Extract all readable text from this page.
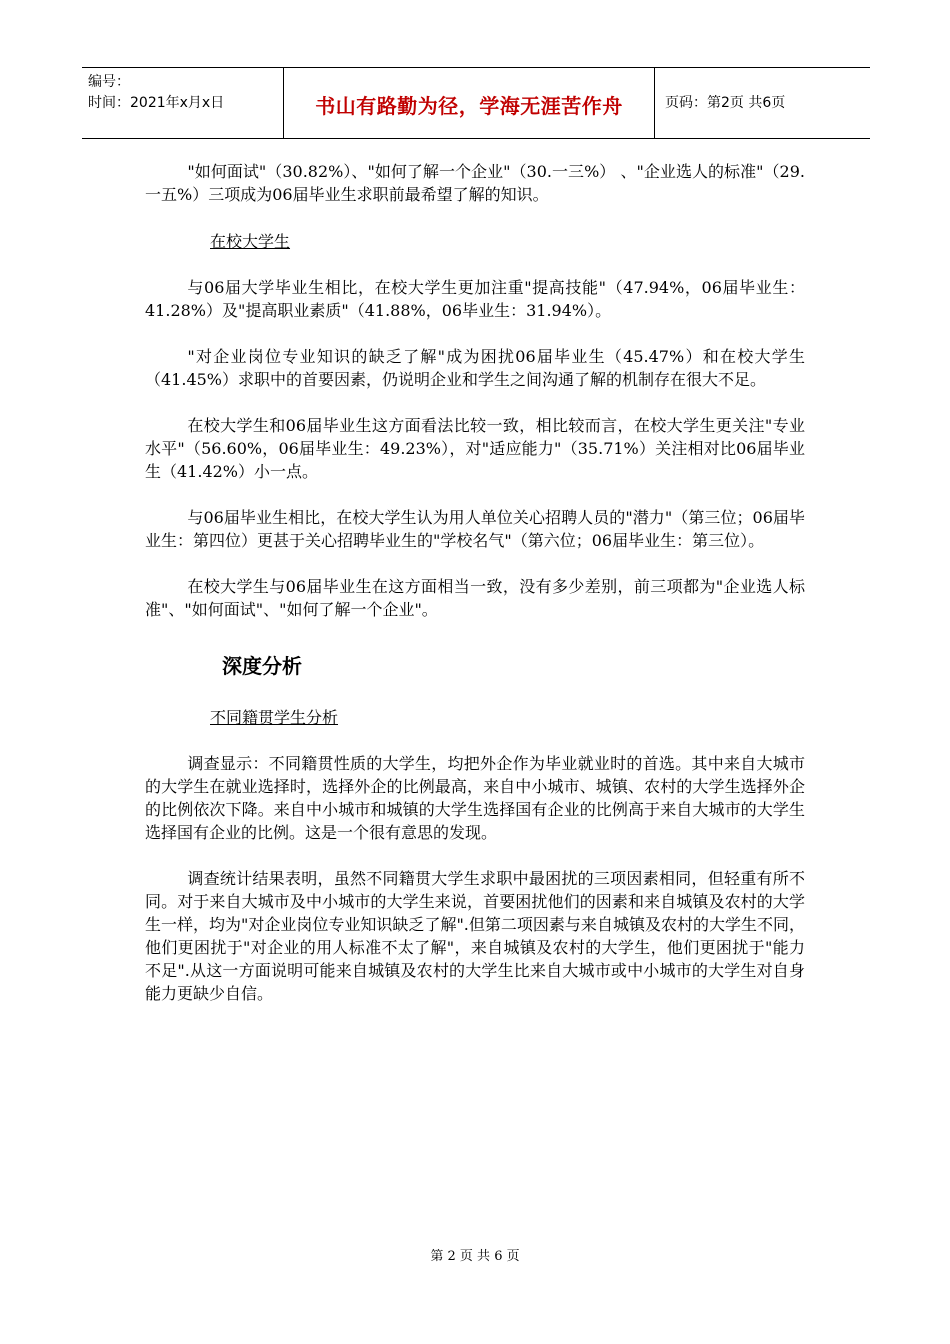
编号：
时间：2021年x月x日	书山有路勤为径，学海无涯苦作舟	页码：第2页 共6页

"如何面试"（30.82%）、"如何了解一个企业"（30.一三%） 、"企业选人的标准"（29.一五%）三项成为06届毕业生求职前最希望了解的知识。

在校大学生

与06届大学毕业生相比，在校大学生更加注重"提高技能"（47.94%，06届毕业生：41.28%）及"提高职业素质"（41.88%，06毕业生：31.94%）。

"对企业岗位专业知识的缺乏了解"成为困扰06届毕业生（45.47%）和在校大学生（41.45%）求职中的首要因素，仍说明企业和学生之间沟通了解的机制存在很大不足。

在校大学生和06届毕业生这方面看法比较一致，相比较而言，在校大学生更关注"专业水平"（56.60%，06届毕业生：49.23%），对"适应能力"（35.71%）关注相对比06届毕业生（41.42%）小一点。

与06届毕业生相比，在校大学生认为用人单位关心招聘人员的"潜力"（第三位；06届毕业生：第四位）更甚于关心招聘毕业生的"学校名气"（第六位；06届毕业生：第三位）。

在校大学生与06届毕业生在这方面相当一致，没有多少差别，前三项都为"企业选人标准"、"如何面试"、"如何了解一个企业"。

深度分析
不同籍贯学生分析

调查显示：不同籍贯性质的大学生，均把外企作为毕业就业时的首选。其中来自大城市的大学生在就业选择时，选择外企的比例最高，来自中小城市、城镇、农村的大学生选择外企的比例依次下降。来自中小城市和城镇的大学生选择国有企业的比例高于来自大城市的大学生选择国有企业的比例。这是一个很有意思的发现。

调查统计结果表明，虽然不同籍贯大学生求职中最困扰的三项因素相同，但轻重有所不同。对于来自大城市及中小城市的大学生来说，首要困扰他们的因素和来自城镇及农村的大学生一样，均为"对企业岗位专业知识缺乏了解".但第二项因素与来自城镇及农村的大学生不同，他们更困扰于"对企业的用人标准不太了解"，来自城镇及农村的大学生，他们更困扰于"能力不足".从这一方面说明可能来自城镇及农村的大学生比来自大城市或中小城市的大学生对自身能力更缺少自信。

第 2 页 共 6 页
